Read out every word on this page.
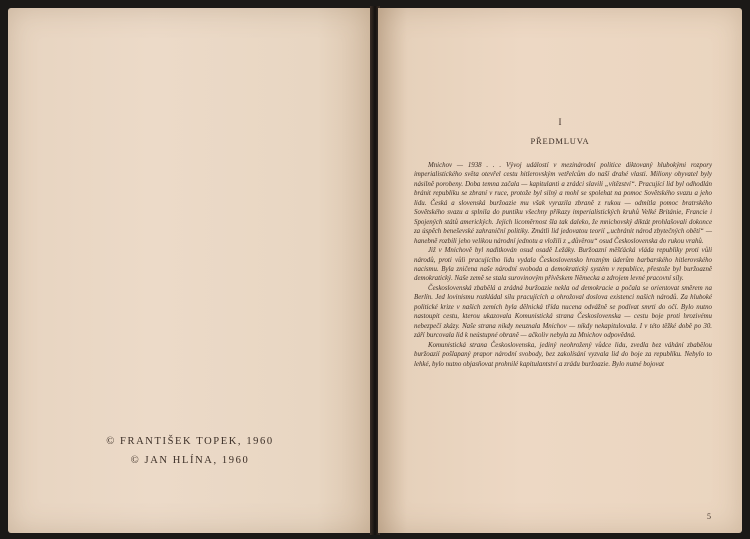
© FRANTIŠEK TOPEK, 1960
© JAN HLÍNA, 1960
I
PŘEDMLUVA

Mnichov — 1938 . . . Vývoj událostí v mezinárodní politice diktovaný hlubokými rozpory imperialistického světa otevřel cestu hitlerovským vetřelcům do naší drahé vlasti. Miliony obyvatel byly násilně porobeny. Doba temna začala — kapitulanti a zrádci slavili „vítězství“. Pracující lid byl odhodlán bránit republiku se zbraní v ruce, protože byl silný a mohl se spolehat na pomoc Sovětského svazu a jeho lidu. Česká a slovenská buržoazie mu však vyrazila zbraně z rukou — odmítla pomoc bratrského Sovětského svazu a splnila do puntíku všechny příkazy imperialistických kruhů Velké Británie, Francie i Spojených států amerických. Jejich licoměrnost šla tak daleko, že mnichovský diktát prohlašovali dokonce za úspěch beneševské zahraniční politiky. Zmátli lid jedovatou teorií „ucbránit národ zbytečných obětí“ — hanebně rozbili jeho velikou národní jednotu a vložili z „důvěrou“ osud Československa do rukou vrahů.

Již v Mnichově byl naditkován osud osadě Ležáky. Buržoazní měšťácká vláda republiky proti vůli národů, proti vůli pracujícího lidu vydala Československo hrozným úderům barbarského hitlerovského nacismu. Byla zničena naše národní svoboda a demokratický systém v republice, přestože byl buržoazně demokratický. Naše země se stala surovinovým přívěskem Německa a zdrojem levné pracovní síly.

Československá zbabělá a zrádná buržoazie nekla od demokracie a počala se orientovat směrem na Berlín. Jed lovinismu rozkládal sílu pracujících a ohrožoval doslova existenci našich národů. Za hluboké politické krize v našich zemích byla dělnická třída nucena odvážně se podívat smrti do očí. Bylo nutno nastoupit cestu, kterou ukazovala Komunistická strana Československa — cestu boje proti hrozivému nebezpečí zkázy. Naše strana nikdy neuznala Mnichov — nikdy nekapitulovala. I v této těžké době po 30. září burcovala lid k neústupné obraně — ačkoliv nebyla za Mnichov odpovědná.

Komunistická strana Československa, jediný neohrožený vůdce lidu, zvedla bez váhání zbabělou buržoazií pošlapaný prapor národní svobody, bez zakolísání vyzvala lid do boje za republiku. Nebylo to lehké, bylo nutno objasňovat prohnilé kapitulantství a zrádu buržoazie. Bylo nutné bojovat

5
